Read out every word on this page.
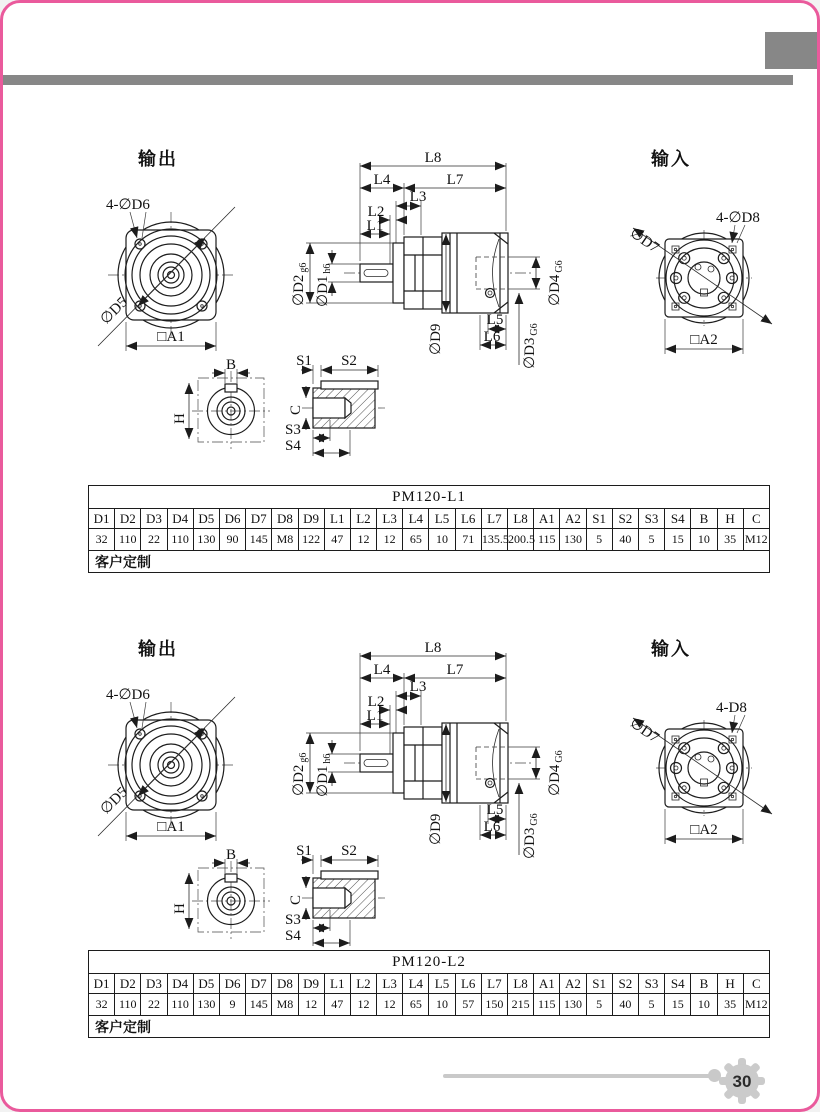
输出
∅D5
4-∅D6
□A1
L8
L4	L7
L3
L2
L1
∅D9
$\emptyset D2_{g6}$
$\emptyset D1_{h6}$
$\emptyset D4_{G6}$
$\emptyset D3_{G6}$
L5
L6
输入
∅D7
4-∅D8
□A2
B
H
S1 S2
C
S3
S4
PM120-L1																									
D1	D2	D3	D4	D5	D6	D7	D8	D9	L1	L2	L3	L4	L5	L6	L7	L8	A1	A2	S1	S2	S3	S4	B	H	C
32	110	22	110	130	90	145	M8	122	47	12	12	65	10	71	135.5	200.5	115	130	5	40	5	15	10	35	M12
客户定制																									
30
输出
∅D5
4-∅D6
□A1
L8
L4	L7
L3
L2
L1
∅D9
$\emptyset D2_{g6}$
$\emptyset D1_{h6}$
$\emptyset D4_{G6}$
$\emptyset D3_{G6}$
L5
L6
输入
∅D7
4-D8
□A2
B
H
S1 S2
C
S3
S4
PM120-L2																									
D1	D2	D3	D4	D5	D6	D7	D8	D9	L1	L2	L3	L4	L5	L6	L7	L8	A1	A2	S1	S2	S3	S4	B	H	C
32	110	22	110	130	9	145	M8	12	47	12	12	65	10	57	150	215	115	130	5	40	5	15	10	35	M12
客户定制																									
